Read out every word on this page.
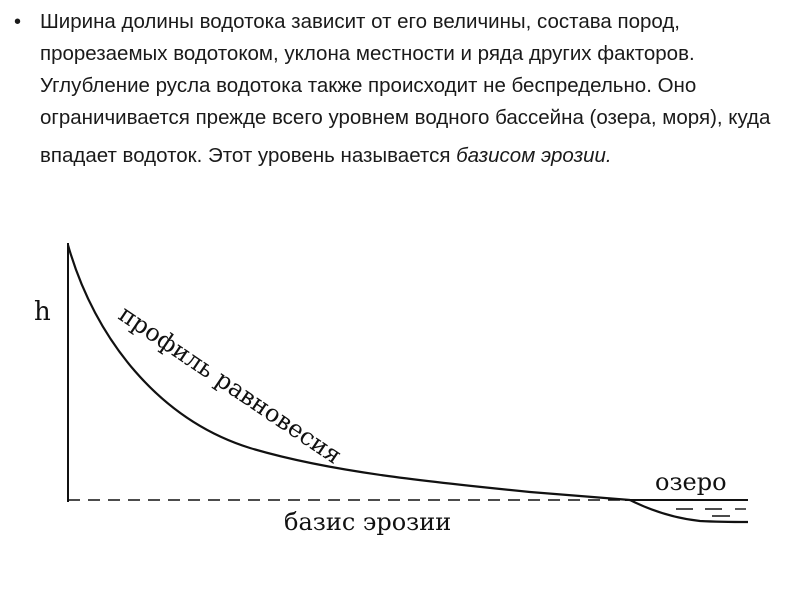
• Ширина долины водотока зависит от его величины, состава пород, прорезаемых водотоком, уклона местности и ряда других факторов. Углубление русла водотока также происходит не беспредельно. Оно ограничивается прежде всего уровнем водного бассейна (озера, моря), куда
впадает водоток. Этот уровень называется базисом эрозии.

h	профиль равновесия
озеро
базис эрозии
